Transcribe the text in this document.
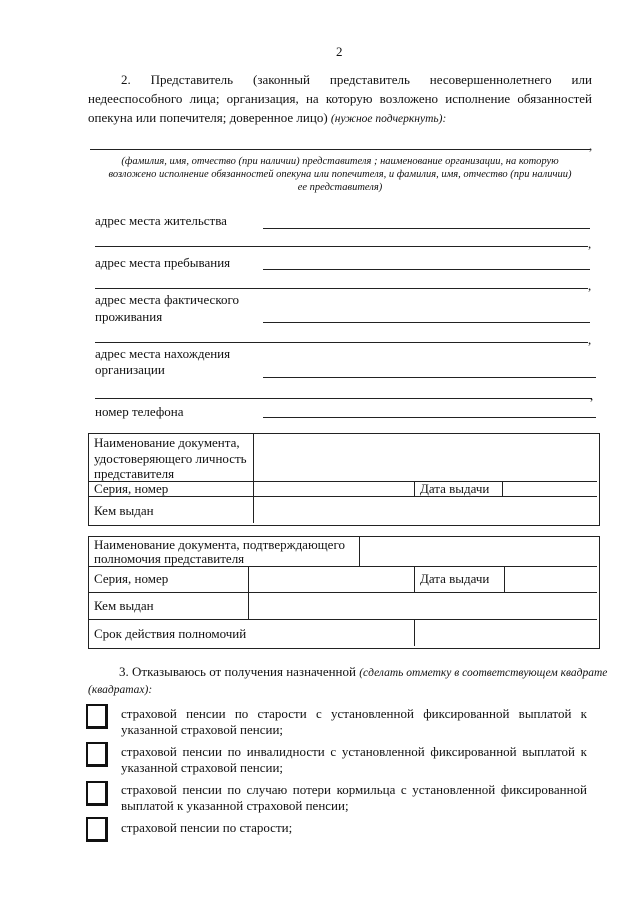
2
2. Представитель (законный представитель несовершеннолетнего или
недееспособного лица; организация, на которую возложено исполнение обязанностей
опекуна или попечителя; доверенное лицо) (нужное подчеркнуть):
,
(фамилия, имя, отчество (при наличии) представителя ; наименование организации, на которую
возложено исполнение обязанностей опекуна или попечителя, и фамилия, имя, отчество (при наличии)
ее представителя)
адрес места жительства
,
адрес места пребывания
,
адрес места фактического
проживания
,
адрес места нахождения
организации
,
номер телефона
Наименование документа,
удостоверяющего личность
представителя
Серия, номер	Дата выдачи
Кем выдан
Наименование документа, подтверждающего
полномочия представителя
Серия, номер	Дата выдачи
Кем выдан
Срок действия полномочий
3. Отказываюсь от получения назначенной (сделать отметку в соответствующем квадрате
(квадратах):
страховой пенсии по старости с установленной фиксированной выплатой к
указанной страховой пенсии;
страховой пенсии по инвалидности с установленной фиксированной выплатой к
указанной страховой пенсии;
страховой пенсии по случаю потери кормильца с установленной фиксированной
выплатой к указанной страховой пенсии;
страховой пенсии по старости;
